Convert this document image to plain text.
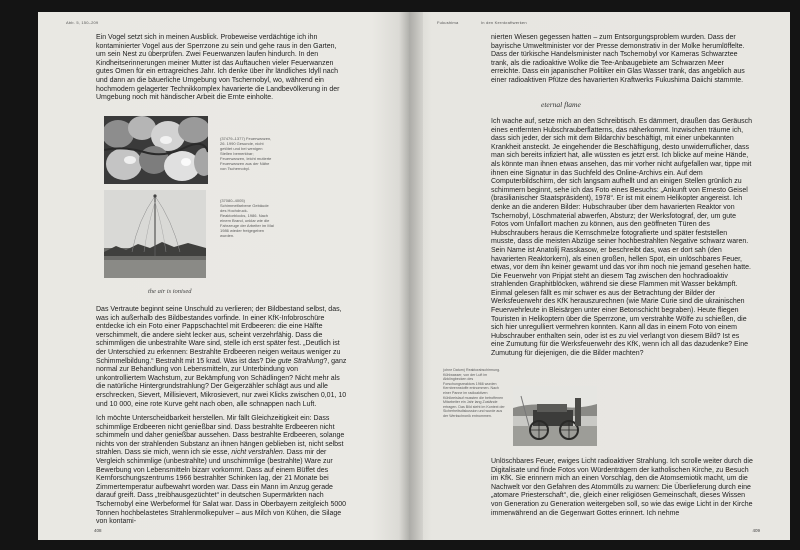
Abb. 5, 150–209

Ein Vogel setzt sich in meinen Ausblick. Probeweise verdächtige ich ihn kontaminierter Vogel aus der Sperrzone zu sein und gehe raus in den Garten, um sein Nest zu überprüfen. Zwei Feuerwanzen laufen hindurch. In den Kindheitserinnerungen meiner Mutter ist das Auftauchen vieler Feuerwanzen gutes Omen für ein ertragreiches Jahr. Ich denke über ihr ländliches Idyll nach und dann an die bäuerliche Umgebung von Tschernobyl, wo, während ein hochmodern gelagerter Technikkomplex havarierte die Landbevölkerung in der Umgebung noch mit händischer Arbeit die Ernte einholte.

(37479–1377) Feuerwanzen, 26. 1990 Gesunde, nicht getötet und bei wenigen Stellen bemerkbar; Feuerwanzen, leicht mutierte Feuerwanzen aus der Nähe von Tschernobyl.

(37080–4005) Schimmelfarbene Gebäude des Hochdruck- Reaktorblocks, 1986. Nach einem Brand, unklar wie die Fahrzeuge der Arbeiter im Mai 1986 wieder freigegeben wurden.

the air is ionised

Das Vertraute beginnt seine Unschuld zu verlieren; der Bildbestand selbst, das, was ich außerhalb des Bildbestandes vorfinde. In einer KfK-Infobroschüre entdecke ich ein Foto einer Pappschachtel mit Erdbeeren: die eine Hälfte verschimmelt, die andere sieht lecker aus, scheint verzehrfähig. Dass die schimmligen die unbestrahlte Ware sind, stelle ich erst später fest. „Deutlich ist der Unterschied zu erkennen: Bestrahlte Erdbeeren neigen weitaus weniger zu Schimmelbildung.“ Bestrahlt mit 15 krad. Was ist das? Die gute Strahlung?, ganz normal zur Behandlung von Lebensmitteln, zur Unterbindung von unkontrolliertem Wachstum, zur Bekämpfung von Schädlingen? Nicht mehr als die natürliche Hintergrundstrahlung? Der Geigerzähler schlägt aus und alle erschrecken, Sievert, Millisievert, Mikrosievert, nur zwei Klicks zwischen 0,01, 10 und 10 000, eine rote Kurve geht nach oben, alle schnappen nach Luft.

Ich möchte Unterscheidbarkeit herstellen. Mir fällt Gleichzeitigkeit ein: Dass schimmlige Erdbeeren nicht genießbar sind. Dass bestrahlte Erdbeeren nicht schimmeln und daher genießbar aussehen. Dass bestrahlte Erdbeeren, solange nichts von der strahlenden Substanz an ihnen hängen geblieben ist, nicht selbst strahlen. Dass sie mich, wenn ich sie esse, nicht verstrahlen. Dass mir der Vergleich schimmlige (unbestrahlte) und unschimmlige (bestrahlte) Ware zur Bewerbung von Lebensmitteln bizarr vorkommt. Dass auf einem Büffet des Kernforschungszentrums 1966 bestrahlter Schinken lag, der 21 Monate bei Zimmertemperatur aufbewahrt worden war. Dass ein Mann im Anzug gerade darauf greift. Dass „treibhausgezüchtet“ in deutschen Supermärkten nach Tschernobyl eine Werbeformel für Salat war. Dass in Oberbayern zeitgleich 5000 Tonnen hochbelastetes Strahlenmolkepulver – aus Milch von Kühen, die Silage von kontami-

408
Fukushima	In den Kernkraftwerken

nierten Wiesen gegessen hatten – zum Entsorgungsproblem wurden. Dass der bayrische Umweltminister vor der Presse demonstrativ in der Molke herumlöffelte. Dass der türkische Handelsminister nach Tschernobyl vor Kameras Schwarztee trank, als die radioaktive Wolke die Tee-Anbaugebiete am Schwarzen Meer erreichte. Dass ein japanischer Politiker ein Glas Wasser trank, das angeblich aus einer radioaktiven Pfütze des havarierten Kraftwerks Fukushima Daiichi stammte.

eternal flame

Ich wache auf, setze mich an den Schreibtisch. Es dämmert, draußen das Geräusch eines entfernten Hubschrauberflatterns, das näherkommt. Inzwischen träume ich, dass sich jeder, der sich mit dem Bildarchiv beschäftigt, mit einer unbekannten Krankheit ansteckt. Je eingehender die Beschäftigung, desto unwiderruflicher, dass man sich bereits infiziert hat, alle wüssten es jetzt erst. Ich blicke auf meine Hände, als könnte man ihnen etwas ansehen, das mir vorher nicht aufgefallen war, tippe mit ihnen eine Signatur in das Suchfeld des Online-Archivs ein. Auf dem Computerbildschirm, der sich langsam aufhellt und an einigen Stellen grünlich zu schimmern beginnt, sehe ich das Foto eines Besuchs: „Ankunft von Ernesto Geisel (brasilianischer Staatspräsident), 1978“. Er ist mit einem Helikopter angereist. Ich denke an die anderen Bilder: Hubschrauber über dem havarierten Reaktor von Tschernobyl, Löschmaterial abwerfen, Absturz; der Werksfotograf, der, um gute Fotos vom Unfallort machen zu können, aus den geöffneten Türen des Hubschraubers heraus die Kernschmelze fotografierte und später feststellen musste, dass die meisten Abzüge seiner hochbestrahlten Negative schwarz waren. Sein Name ist Anatolij Rasskasow, er beschreibt das, was er dort sah (den havarierten Reaktorkern), als einen großen, hellen Spot, ein unlöschbares Feuer, etwas, vor dem ihn keiner gewarnt und das vor ihm noch nie jemand gesehen hatte. Die Feuerwehr von Pripjat steht an diesem Tag zwischen den hochradioaktiv strahlenden Graphitblöcken, während sie diese Flammen mit Wasser bekämpft. Einmal gelesen fällt es mir schwer es aus der Betrachtung der Bilder der Werksfeuerwehr des KfK herauszurechnen (wie Marie Curie sind die ukrainischen Feuerwehrleute in Bleisärgen unter einer Betonschicht begraben). Heute fliegen Touristen in Helikoptern über die Sperrzone, um verstrahlte Wölfe zu schießen, die sich hier unregulliert vermehren konnten. Kann all das in einem Foto von einem Hubschrauber enthalten sein, oder ist es zu viel verlangt von diesem Bild? Ist es eine Zumutung für die Werksfeuerwehr des KfK, wenn ich all das dazudenke? Eine Zumutung für diejenigen, die die Bilder machten?

(ohne Datum) Reaktorabschirmung. Kühlwasser, von der Luft im Abklingbecken des Forschungsreaktors 1966 wurden Kernbrennstoffe entnommen. Nach einer Panne im radioaktiven Kühlkreislauf mussten die betroffenen Mitarbeiter ein Jahr lang Zustände ertragen. Das Bild steht im Kontext der Sicherheitsdiskussion und wurde aus der Werkschronik entnommen.

Unlöschbares Feuer, ewiges Licht radioaktiver Strahlung. Ich scrolle weiter durch die Digitalisate und finde Fotos von Würdenträgern der katholischen Kirche, zu Besuch im KfK. Sie erinnern mich an einen Vorschlag, den die Atomsemiotik macht, um die Nachwelt vor den Gefahren des Atommülls zu warnen: Die Überlieferung durch eine „atomare Priesterschaft“, die, gleich einer religiösen Gemeinschaft, dieses Wissen von Generation zu Generation weitergeben soll, so wie das ewige Licht in der Kirche immerwährend an die Gegenwart Gottes erinnert. Ich nehme

409
